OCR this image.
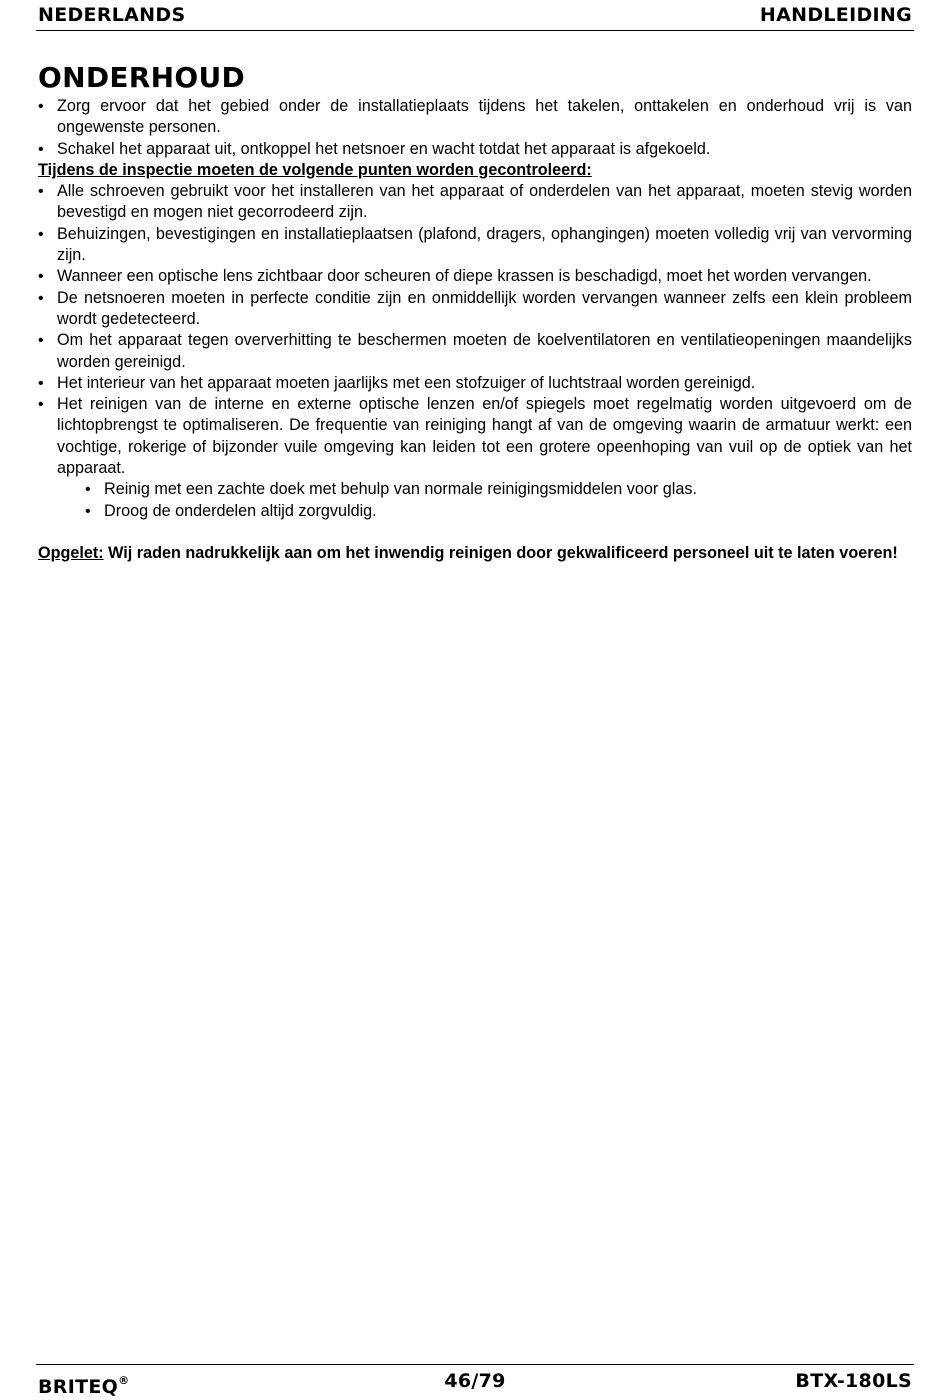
NEDERLANDS	HANDLEIDING
ONDERHOUD
• Zorg ervoor dat het gebied onder de installatieplaats tijdens het takelen, onttakelen en onderhoud vrij is van ongewenste personen.
• Schakel het apparaat uit, ontkoppel het netsnoer en wacht totdat het apparaat is afgekoeld.
Tijdens de inspectie moeten de volgende punten worden gecontroleerd:
• Alle schroeven gebruikt voor het installeren van het apparaat of onderdelen van het apparaat, moeten stevig worden bevestigd en mogen niet gecorrodeerd zijn.
• Behuizingen, bevestigingen en installatieplaatsen (plafond, dragers, ophangingen) moeten volledig vrij van vervorming zijn.
• Wanneer een optische lens zichtbaar door scheuren of diepe krassen is beschadigd, moet het worden vervangen.
• De netsnoeren moeten in perfecte conditie zijn en onmiddellijk worden vervangen wanneer zelfs een klein probleem wordt gedetecteerd.
• Om het apparaat tegen oververhitting te beschermen moeten de koelventilatoren en ventilatieopeningen maandelijks worden gereinigd.
• Het interieur van het apparaat moeten jaarlijks met een stofzuiger of luchtstraal worden gereinigd.
• Het reinigen van de interne en externe optische lenzen en/of spiegels moet regelmatig worden uitgevoerd om de lichtopbrengst te optimaliseren. De frequentie van reiniging hangt af van de omgeving waarin de armatuur werkt: een vochtige, rokerige of bijzonder vuile omgeving kan leiden tot een grotere opeenhoping van vuil op de optiek van het apparaat.
• Reinig met een zachte doek met behulp van normale reinigingsmiddelen voor glas.
• Droog de onderdelen altijd zorgvuldig.
Opgelet: Wij raden nadrukkelijk aan om het inwendig reinigen door gekwalificeerd personeel uit te laten voeren!
BRITEQ®	46/79	BTX-180LS
